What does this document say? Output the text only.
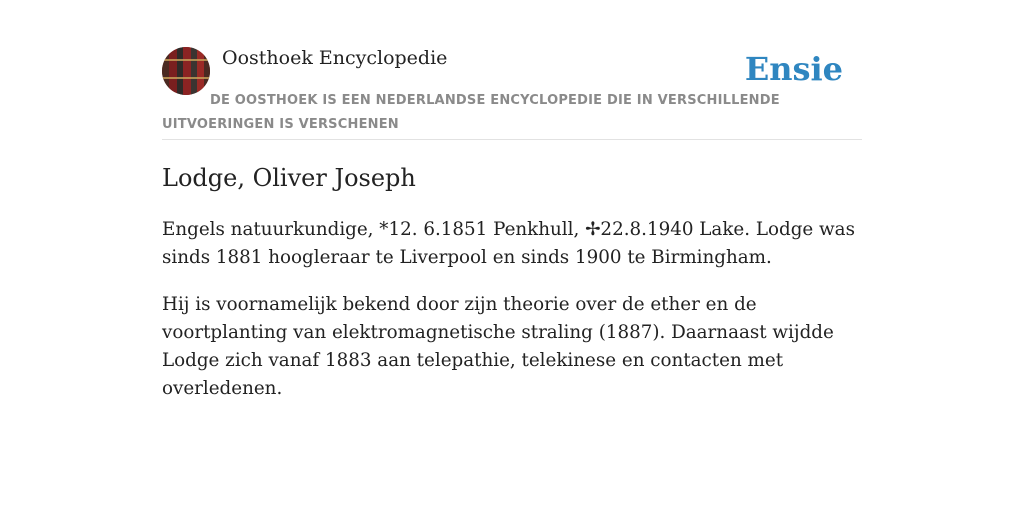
Oosthoek Encyclopedie	Ensie
DE OOSTHOEK IS EEN NEDERLANDSE ENCYCLOPEDIE DIE IN VERSCHILLENDE UITVOERINGEN IS VERSCHENEN
Lodge, Oliver Joseph

Engels natuurkundige, *12. 6.1851 Penkhull, ✢22.8.1940 Lake. Lodge was sinds 1881 hoogleraar te Liverpool en sinds 1900 te Birmingham.

Hij is voornamelijk bekend door zijn theorie over de ether en de voortplanting van elektromagnetische straling (1887). Daarnaast wijdde Lodge zich vanaf 1883 aan telepathie, telekinese en contacten met overledenen.
